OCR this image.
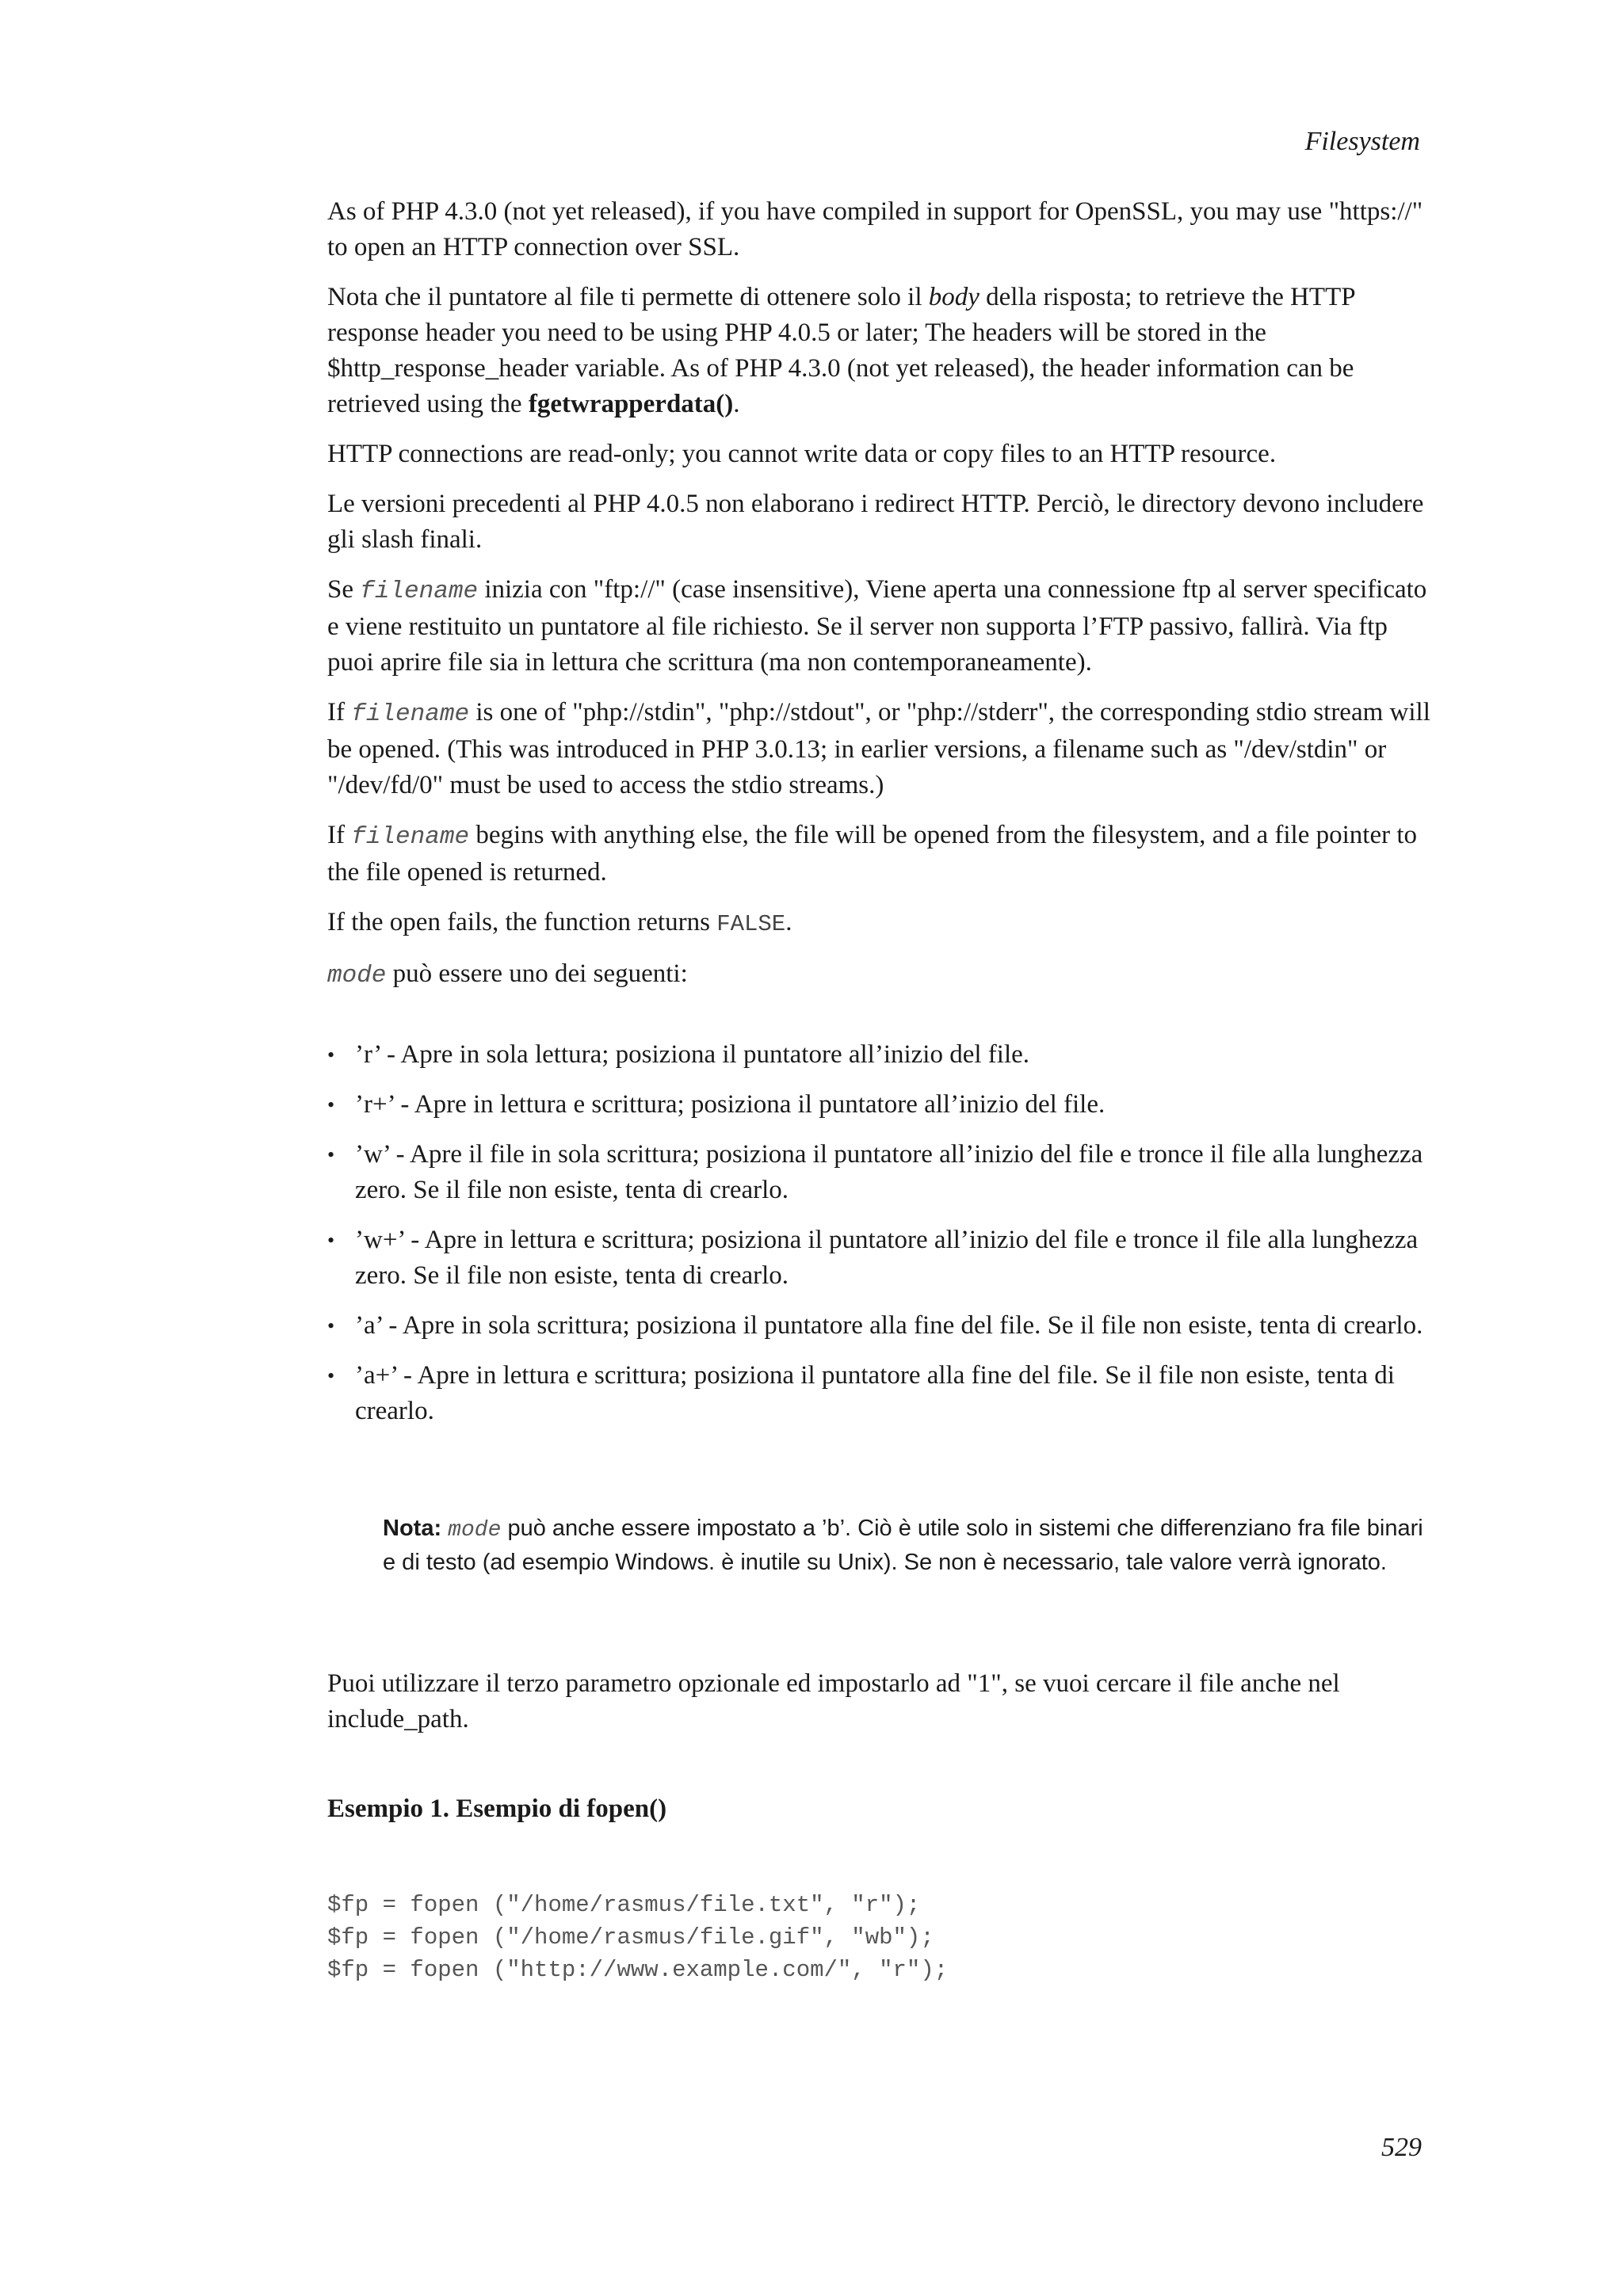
Filesystem

As of PHP 4.3.0 (not yet released), if you have compiled in support for OpenSSL, you may use "https://" to open an HTTP connection over SSL.

Nota che il puntatore al file ti permette di ottenere solo il body della risposta; to retrieve the HTTP response header you need to be using PHP 4.0.5 or later; The headers will be stored in the $http_response_header variable. As of PHP 4.3.0 (not yet released), the header information can be retrieved using the fgetwrapperdata().

HTTP connections are read-only; you cannot write data or copy files to an HTTP resource.

Le versioni precedenti al PHP 4.0.5 non elaborano i redirect HTTP. Perciò, le directory devono includere gli slash finali.

Se filename inizia con "ftp://" (case insensitive), Viene aperta una connessione ftp al server specificato e viene restituito un puntatore al file richiesto. Se il server non supporta l’FTP passivo, fallirà. Via ftp puoi aprire file sia in lettura che scrittura (ma non contemporaneamente).

If filename is one of "php://stdin", "php://stdout", or "php://stderr", the corresponding stdio stream will be opened. (This was introduced in PHP 3.0.13; in earlier versions, a filename such as "/dev/stdin" or "/dev/fd/0" must be used to access the stdio streams.)

If filename begins with anything else, the file will be opened from the filesystem, and a file pointer to the file opened is returned.

If the open fails, the function returns FALSE.

mode può essere uno dei seguenti:

• ’r’ - Apre in sola lettura; posiziona il puntatore all’inizio del file.
• ’r+’ - Apre in lettura e scrittura; posiziona il puntatore all’inizio del file.
• ’w’ - Apre il file in sola scrittura; posiziona il puntatore all’inizio del file e tronce il file alla lunghezza zero. Se il file non esiste, tenta di crearlo.
• ’w+’ - Apre in lettura e scrittura; posiziona il puntatore all’inizio del file e tronce il file alla lunghezza zero. Se il file non esiste, tenta di crearlo.
• ’a’ - Apre in sola scrittura; posiziona il puntatore alla fine del file. Se il file non esiste, tenta di crearlo.
• ’a+’ - Apre in lettura e scrittura; posiziona il puntatore alla fine del file. Se il file non esiste, tenta di crearlo.
Nota: mode può anche essere impostato a ’b’. Ciò è utile solo in sistemi che differenziano fra file binari e di testo (ad esempio Windows. è inutile su Unix). Se non è necessario, tale valore verrà ignorato.

Puoi utilizzare il terzo parametro opzionale ed impostarlo ad "1", se vuoi cercare il file anche nel include_path.

Esempio 1. Esempio di fopen()
$fp = fopen ("/home/rasmus/file.txt", "r");
$fp = fopen ("/home/rasmus/file.gif", "wb");
$fp = fopen ("http://www.example.com/", "r");
529
